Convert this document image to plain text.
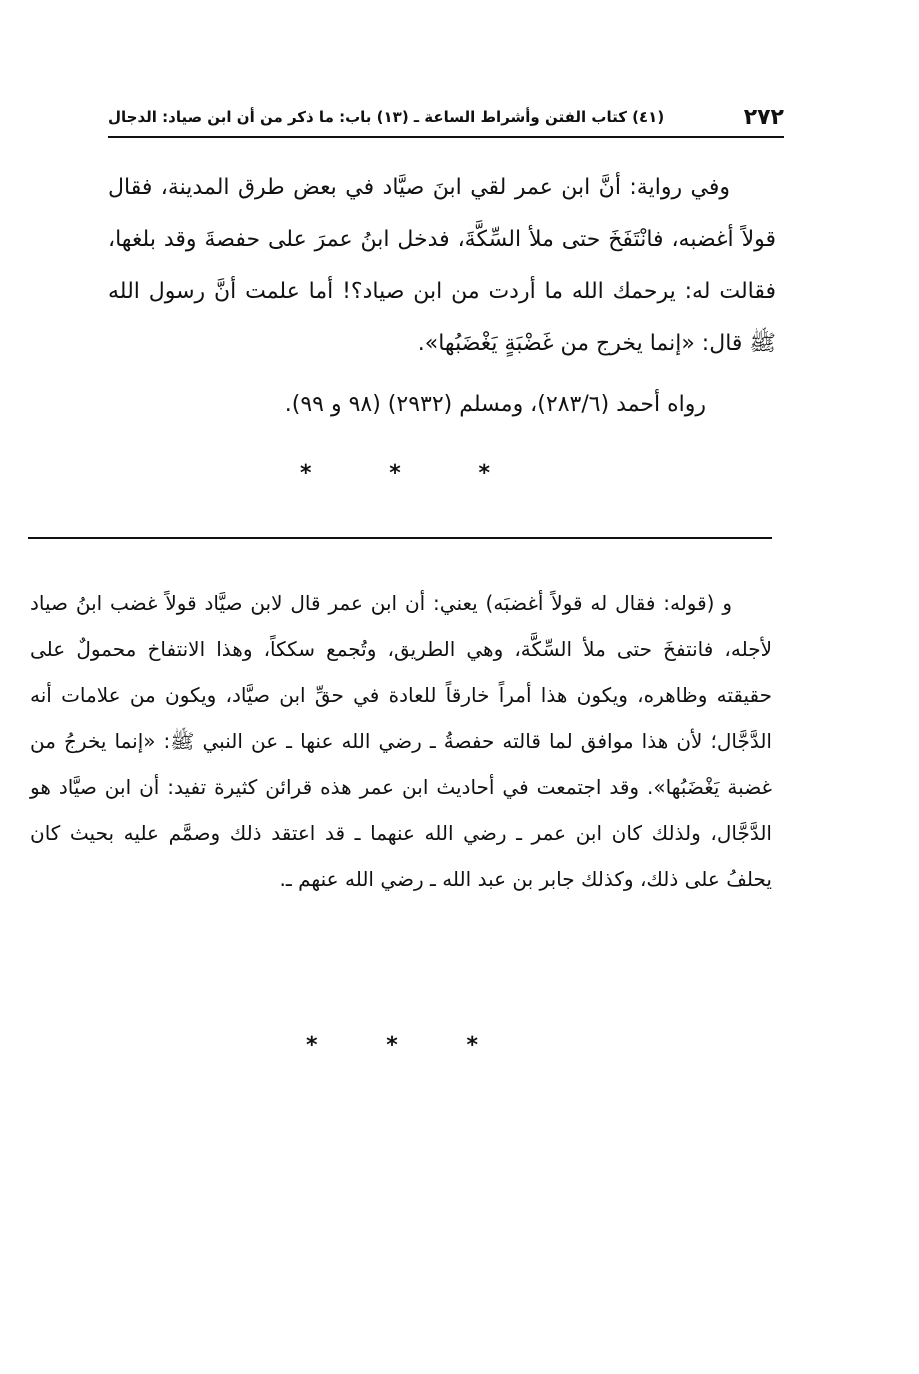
٢٧٢
(٤١) كتاب الفتن وأشراط الساعة ـ (١٣) باب: ما ذكر من أن ابن صياد: الدجال

وفي رواية: أنَّ ابن عمر لقي ابنَ صيَّاد في بعض طرق المدينة، فقال قولاً أغضبه، فانْتَفَخَ حتى ملأ السِّكَّةَ، فدخل ابنُ عمرَ على حفصةَ وقد بلغها، فقالت له: يرحمك الله ما أردت من ابن صياد؟! أما علمت أنَّ رسول الله ﷺ قال: «إنما يخرج من غَضْبَةٍ يَغْضَبُها».

رواه أحمد (٢٨٣/٦)، ومسلم (٢٩٣٢) (٩٨ و ٩٩).
*	*	*

و (قوله: فقال له قولاً أغضبَه) يعني: أن ابن عمر قال لابن صيَّاد قولاً غضب ابنُ صياد لأجله، فانتفخَ حتى ملأ السِّكَّة، وهي الطريق، وتُجمع سككاً، وهذا الانتفاخ محمولٌ على حقيقته وظاهره، ويكون هذا أمراً خارقاً للعادة في حقِّ ابن صيَّاد، ويكون من علامات أنه الدَّجَّال؛ لأن هذا موافق لما قالته حفصةُ ـ رضي الله عنها ـ عن النبي ﷺ: «إنما يخرجُ من غضبة يَغْضَبُها». وقد اجتمعت في أحاديث ابن عمر هذه قرائن كثيرة تفيد: أن ابن صيَّاد هو الدَّجَّال، ولذلك كان ابن عمر ـ رضي الله عنهما ـ قد اعتقد ذلك وصمَّم عليه بحيث كان يحلفُ على ذلك، وكذلك جابر بن عبد الله ـ رضي الله عنهم ـ.

*	*	*
